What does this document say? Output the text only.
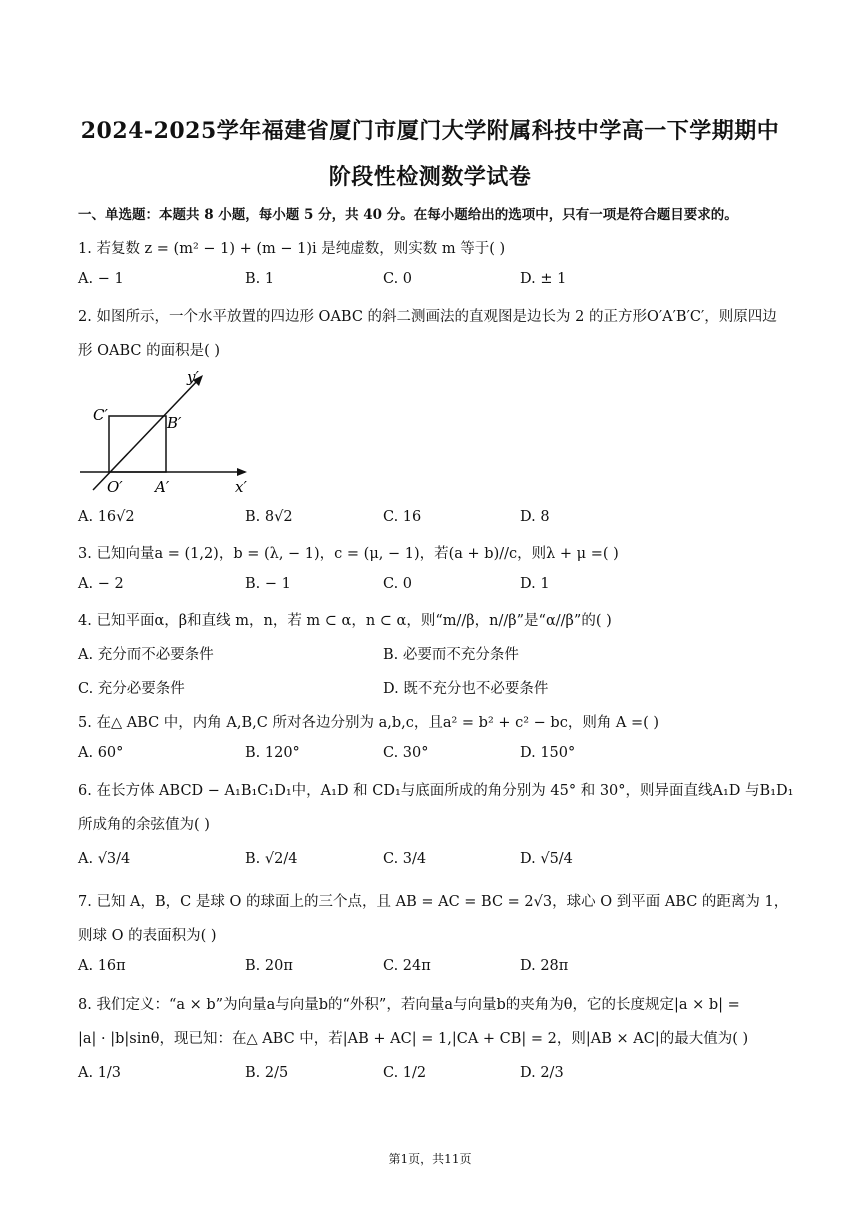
2024-2025学年福建省厦门市厦门大学附属科技中学高一下学期期中
阶段性检测数学试卷
一、单选题：本题共 8 小题，每小题 5 分，共 40 分。在每小题给出的选项中，只有一项是符合题目要求的。
1. 若复数 z = (m² − 1) + (m − 1)i 是纯虚数，则实数 m 等于( )
A. − 1	B. 1	C. 0	D. ± 1
2. 如图所示，一个水平放置的四边形 OABC 的斜二测画法的直观图是边长为 2 的正方形O′A′B′C′，则原四边
形 OABC 的面积是( )
y′
C′	B′
O′ A′	x′
A. 16√2	B. 8√2	C. 16	D. 8
3. 已知向量a = (1,2)，b = (λ, − 1)，c = (μ, − 1)，若(a + b)//c，则λ + μ =( )
A. − 2	B. − 1	C. 0	D. 1
4. 已知平面α，β和直线 m，n，若 m ⊂ α，n ⊂ α，则“m//β，n//β”是“α//β”的( )
A. 充分而不必要条件	B. 必要而不充分条件
C. 充分必要条件	D. 既不充分也不必要条件
5. 在△ ABC 中，内角 A,B,C 所对各边分别为 a,b,c，且a² = b² + c² − bc，则角 A =( )
A. 60°	B. 120°	C. 30°	D. 150°
6. 在长方体 ABCD − A₁B₁C₁D₁中，A₁D 和 CD₁与底面所成的角分别为 45° 和 30°，则异面直线A₁D 与B₁D₁
所成角的余弦值为( )
A. √3/4	B. √2/4	C. 3/4	D. √5/4
7. 已知 A，B，C 是球 O 的球面上的三个点，且 AB = AC = BC = 2√3，球心 O 到平面 ABC 的距离为 1，
则球 O 的表面积为( )
A. 16π	B. 20π	C. 24π	D. 28π
8. 我们定义：“a × b”为向量a与向量b的“外积”，若向量a与向量b的夹角为θ，它的长度规定|a × b| =
|a| · |b|sinθ，现已知：在△ ABC 中，若|AB + AC| = 1,|CA + CB| = 2，则|AB × AC|的最大值为( )
A. 1/3	B. 2/5	C. 1/2	D. 2/3
第1页，共11页
